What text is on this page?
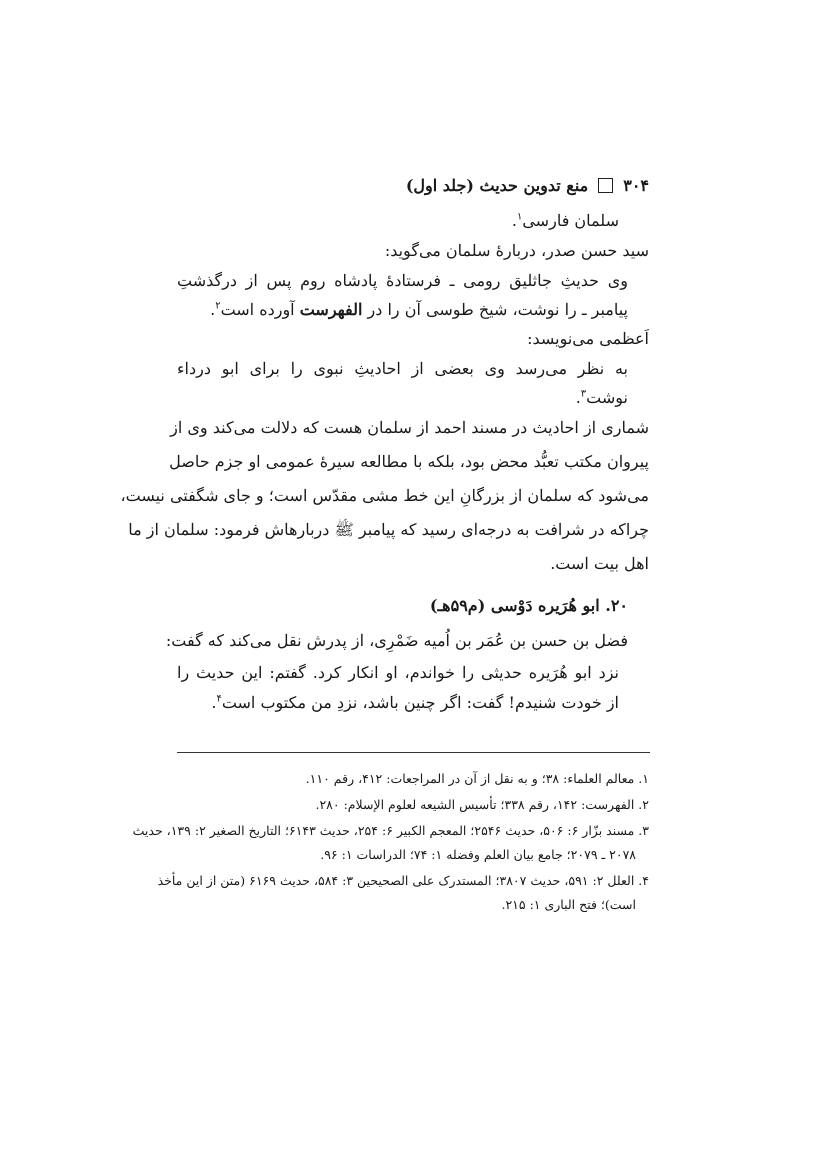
۳۰۴
منع تدوین حدیث (جلد اول)
سلمان فارسی$^۱$.
سید حسن صدر، دربارهٔ سلمان می‌گوید:
وی حدیثِ جاثلیق رومی ـ فرستادهٔ پادشاه روم پس از درگذشتِ
پیامبر ـ را نوشت، شیخ طوسی آن را در الفهرست آورده است$^۲$.
اَعظمی می‌نویسد:
به نظر می‌رسد وی بعضی از احادیثِ نبوی را برای ابو درداء
نوشت$^۳$.
شماری از احادیث در مسند احمد از سلمان هست که دلالت می‌کند وی از
پیروان مکتب تعبُّد محض بود، بلکه با مطالعه سیرهٔ عمومی او جزم حاصل
می‌شود که سلمان از بزرگانِ این خط مشی مقدّس است؛ و جای شگفتی نیست،
چراکه در شرافت به درجه‌ای رسید که پیامبر ﷺ دربارهاش فرمود: سلمان از ما
اهل بیت است.
۲۰. ابو هُرَیره دَوْسی (م۵۹هـ)
فضل بن حسن بن عُمَر بن اُمیه ضَمْرِی، از پدرش نقل می‌کند که گفت:
نزد ابو هُرَیره حدیثی را خواندم، او انکار کرد. گفتم: این حدیث را
از خودت شنیدم! گفت: اگر چنین باشد، نزدِ من مکتوب است$^۴$.
۱. معالم العلماء: ۳۸؛ و به نقل از آن در المراجعات: ۴۱۲، رقم ۱۱۰.
۲. الفهرست: ۱۴۲، رقم ۳۳۸؛ تأسیس الشیعه لعلوم الإسلام: ۲۸۰.
۳. مسند بزّار ۶: ۵۰۶، حدیث ۲۵۴۶؛ المعجم الکبیر ۶: ۲۵۴، حدیث ۶۱۴۳؛ التاریخ الصغیر ۲: ۱۳۹، حدیث
۲۰۷۸ ـ ۲۰۷۹؛ جامع بیان العلم وفضله ۱: ۷۴؛ الدراسات ۱: ۹۶.
۴. العلل ۲: ۵۹۱، حدیث ۳۸۰۷؛ المستدرک علی الصحیحین ۳: ۵۸۴، حدیث ۶۱۶۹ (متن از این مأخذ
است)؛ فتح الباری ۱: ۲۱۵.
